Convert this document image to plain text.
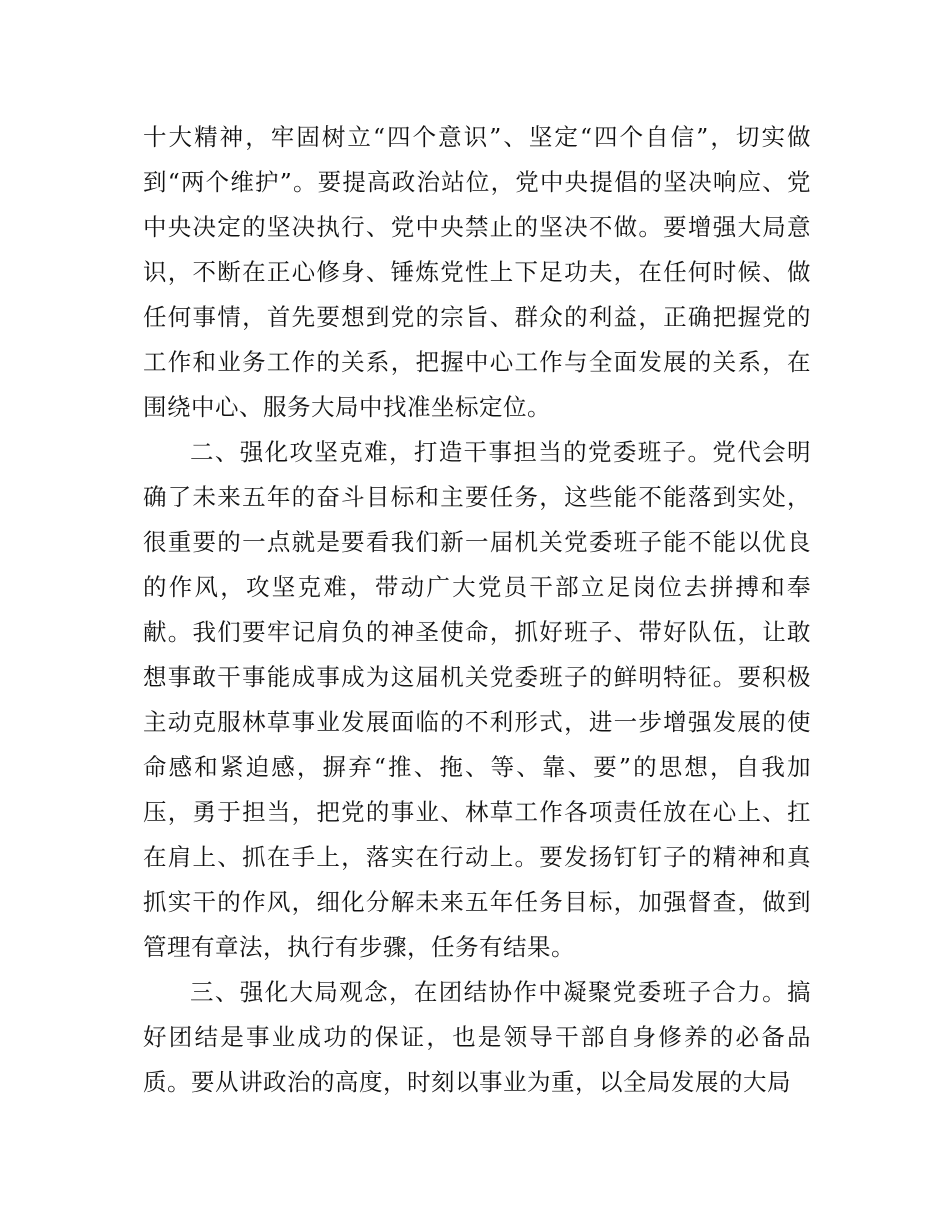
十大精神，牢固树立“四个意识”、坚定“四个自信”，切实做到“两个维护”。要提高政治站位，党中央提倡的坚决响应、党中央决定的坚决执行、党中央禁止的坚决不做。要增强大局意识，不断在正心修身、锤炼党性上下足功夫，在任何时候、做任何事情，首先要想到党的宗旨、群众的利益，正确把握党的工作和业务工作的关系，把握中心工作与全面发展的关系，在围绕中心、服务大局中找准坐标定位。

二、强化攻坚克难，打造干事担当的党委班子。党代会明确了未来五年的奋斗目标和主要任务，这些能不能落到实处，很重要的一点就是要看我们新一届机关党委班子能不能以优良的作风，攻坚克难，带动广大党员干部立足岗位去拼搏和奉献。我们要牢记肩负的神圣使命，抓好班子、带好队伍，让敢想事敢干事能成事成为这届机关党委班子的鲜明特征。要积极主动克服林草事业发展面临的不利形式，进一步增强发展的使命感和紧迫感，摒弃“推、拖、等、靠、要”的思想，自我加压，勇于担当，把党的事业、林草工作各项责任放在心上、扛在肩上、抓在手上，落实在行动上。要发扬钉钉子的精神和真抓实干的作风，细化分解未来五年任务目标，加强督查，做到管理有章法，执行有步骤，任务有结果。

三、强化大局观念，在团结协作中凝聚党委班子合力。搞好团结是事业成功的保证，也是领导干部自身修养的必备品质。要从讲政治的高度，时刻以事业为重，以全局发展的大局
